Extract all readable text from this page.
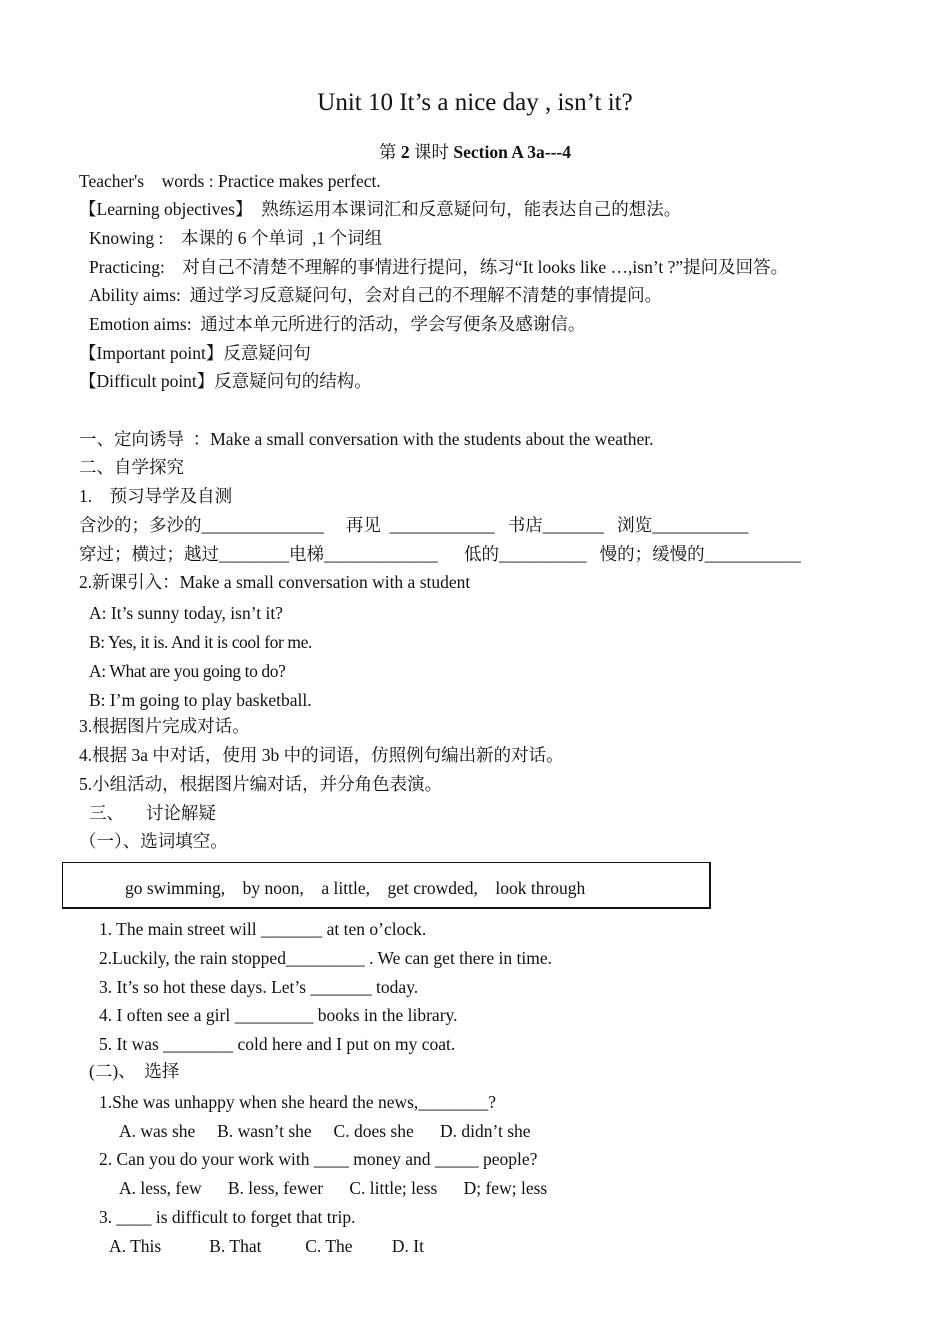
Unit 10 It’s a nice day , isn’t it?
第 2 课时 Section A 3a---4
Teacher's    words : Practice makes perfect.
【Learning objectives】  熟练运用本课词汇和反意疑问句，能表达自己的想法。
Knowing :    本课的 6 个单词  ,1 个词组
Practicing:    对自己不清楚不理解的事情进行提问，练习“It looks like …,isn’t ?”提问及回答。
Ability aims:  通过学习反意疑问句，会对自己的不理解不清楚的事情提问。
Emotion aims:  通过本单元所进行的活动，学会写便条及感谢信。
【Important point】反意疑问句
【Difficult point】反意疑问句的结构。
一、定向诱导  ：Make a small conversation with the students about the weather.
二、自学探究
1.    预习导学及自测
含沙的；多沙的______________     再见  ____________   书店_______   浏览___________
穿过；横过；越过________电梯_____________      低的__________   慢的；缓慢的___________
2.新课引入：Make a small conversation with a student
A: It’s sunny today, isn’t it?
B: Yes, it is. And it is cool for me.
A: What are you going to do?
B: I’m going to play basketball.
3.根据图片完成对话。
4.根据 3a 中对话，使用 3b 中的词语，仿照例句编出新的对话。
5.小组活动，根据图片编对话，并分角色表演。
三、     讨论解疑
（一）、选词填空。
go swimming,    by noon,    a little,    get crowded,    look through
1. The main street will _______ at ten o’clock.
2.Luckily, the rain stopped_________ . We can get there in time.
3. It’s so hot these days. Let’s _______ today.
4. I often see a girl _________ books in the library.
5. It was ________ cold here and I put on my coat.
(二)、  选择
1.She was unhappy when she heard the news,________?
A. was she     B. wasn’t she     C. does she      D. didn’t she
2. Can you do your work with ____ money and _____ people?
A. less, few      B. less, fewer      C. little; less      D; few; less
3. ____ is difficult to forget that trip.
A. This           B. That          C. The         D. It
